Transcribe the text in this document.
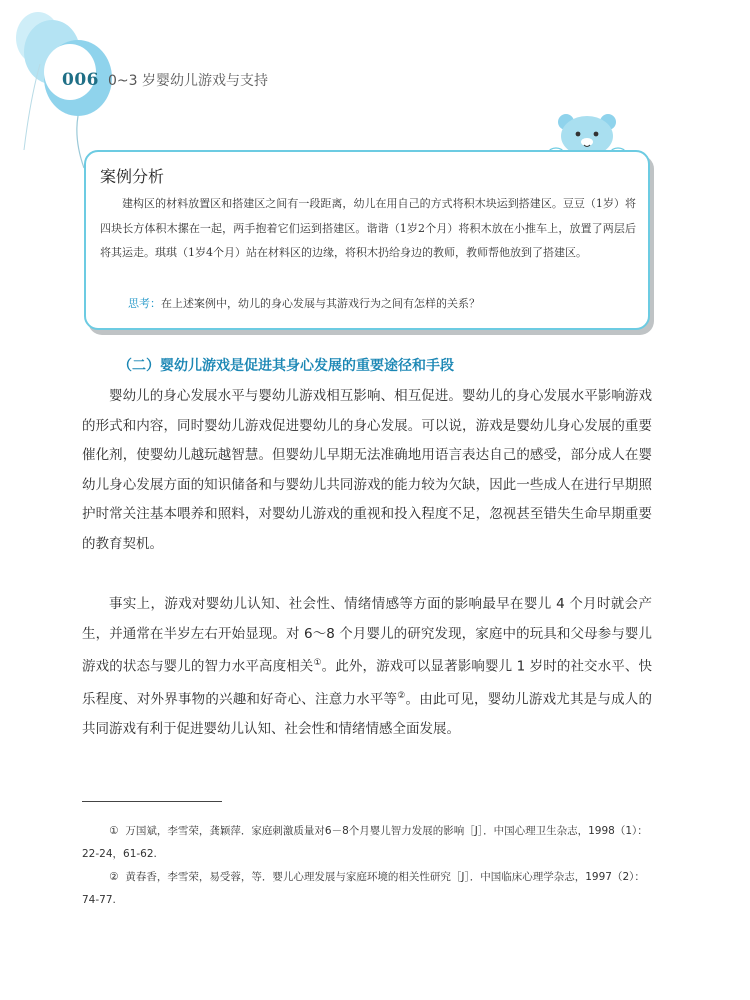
006 0~3 岁婴幼儿游戏与支持
案例分析

建构区的材料放置区和搭建区之间有一段距离，幼儿在用自己的方式将积木块运到搭建区。豆豆（1岁）将四块长方体积木摞在一起，两手抱着它们运到搭建区。谐谐（1岁2个月）将积木放在小推车上，放置了两层后将其运走。琪琪（1岁4个月）站在材料区的边缘，将积木扔给身边的教师，教师帮他放到了搭建区。

思考：在上述案例中，幼儿的身心发展与其游戏行为之间有怎样的关系？
（二）婴幼儿游戏是促进其身心发展的重要途径和手段

婴幼儿的身心发展水平与婴幼儿游戏相互影响、相互促进。婴幼儿的身心发展水平影响游戏的形式和内容，同时婴幼儿游戏促进婴幼儿的身心发展。可以说，游戏是婴幼儿身心发展的重要催化剂，使婴幼儿越玩越智慧。但婴幼儿早期无法准确地用语言表达自己的感受，部分成人在婴幼儿身心发展方面的知识储备和与婴幼儿共同游戏的能力较为欠缺，因此一些成人在进行早期照护时常关注基本喂养和照料，对婴幼儿游戏的重视和投入程度不足，忽视甚至错失生命早期重要的教育契机。

事实上，游戏对婴幼儿认知、社会性、情绪情感等方面的影响最早在婴儿 4 个月时就会产生，并通常在半岁左右开始显现。对 6～8 个月婴儿的研究发现，家庭中的玩具和父母参与婴儿游戏的状态与婴儿的智力水平高度相关①。此外，游戏可以显著影响婴儿 1 岁时的社交水平、快乐程度、对外界事物的兴趣和好奇心、注意力水平等②。由此可见，婴幼儿游戏尤其是与成人的共同游戏有利于促进婴幼儿认知、社会性和情绪情感全面发展。

① 万国斌，李雪荣，龚颖萍．家庭刺激质量对6－8个月婴儿智力发展的影响［J］．中国心理卫生杂志，1998（1）：22-24，61-62.

② 黄春香，李雪荣，易受蓉，等．婴儿心理发展与家庭环境的相关性研究［J］．中国临床心理学杂志，1997（2）：74-77.
